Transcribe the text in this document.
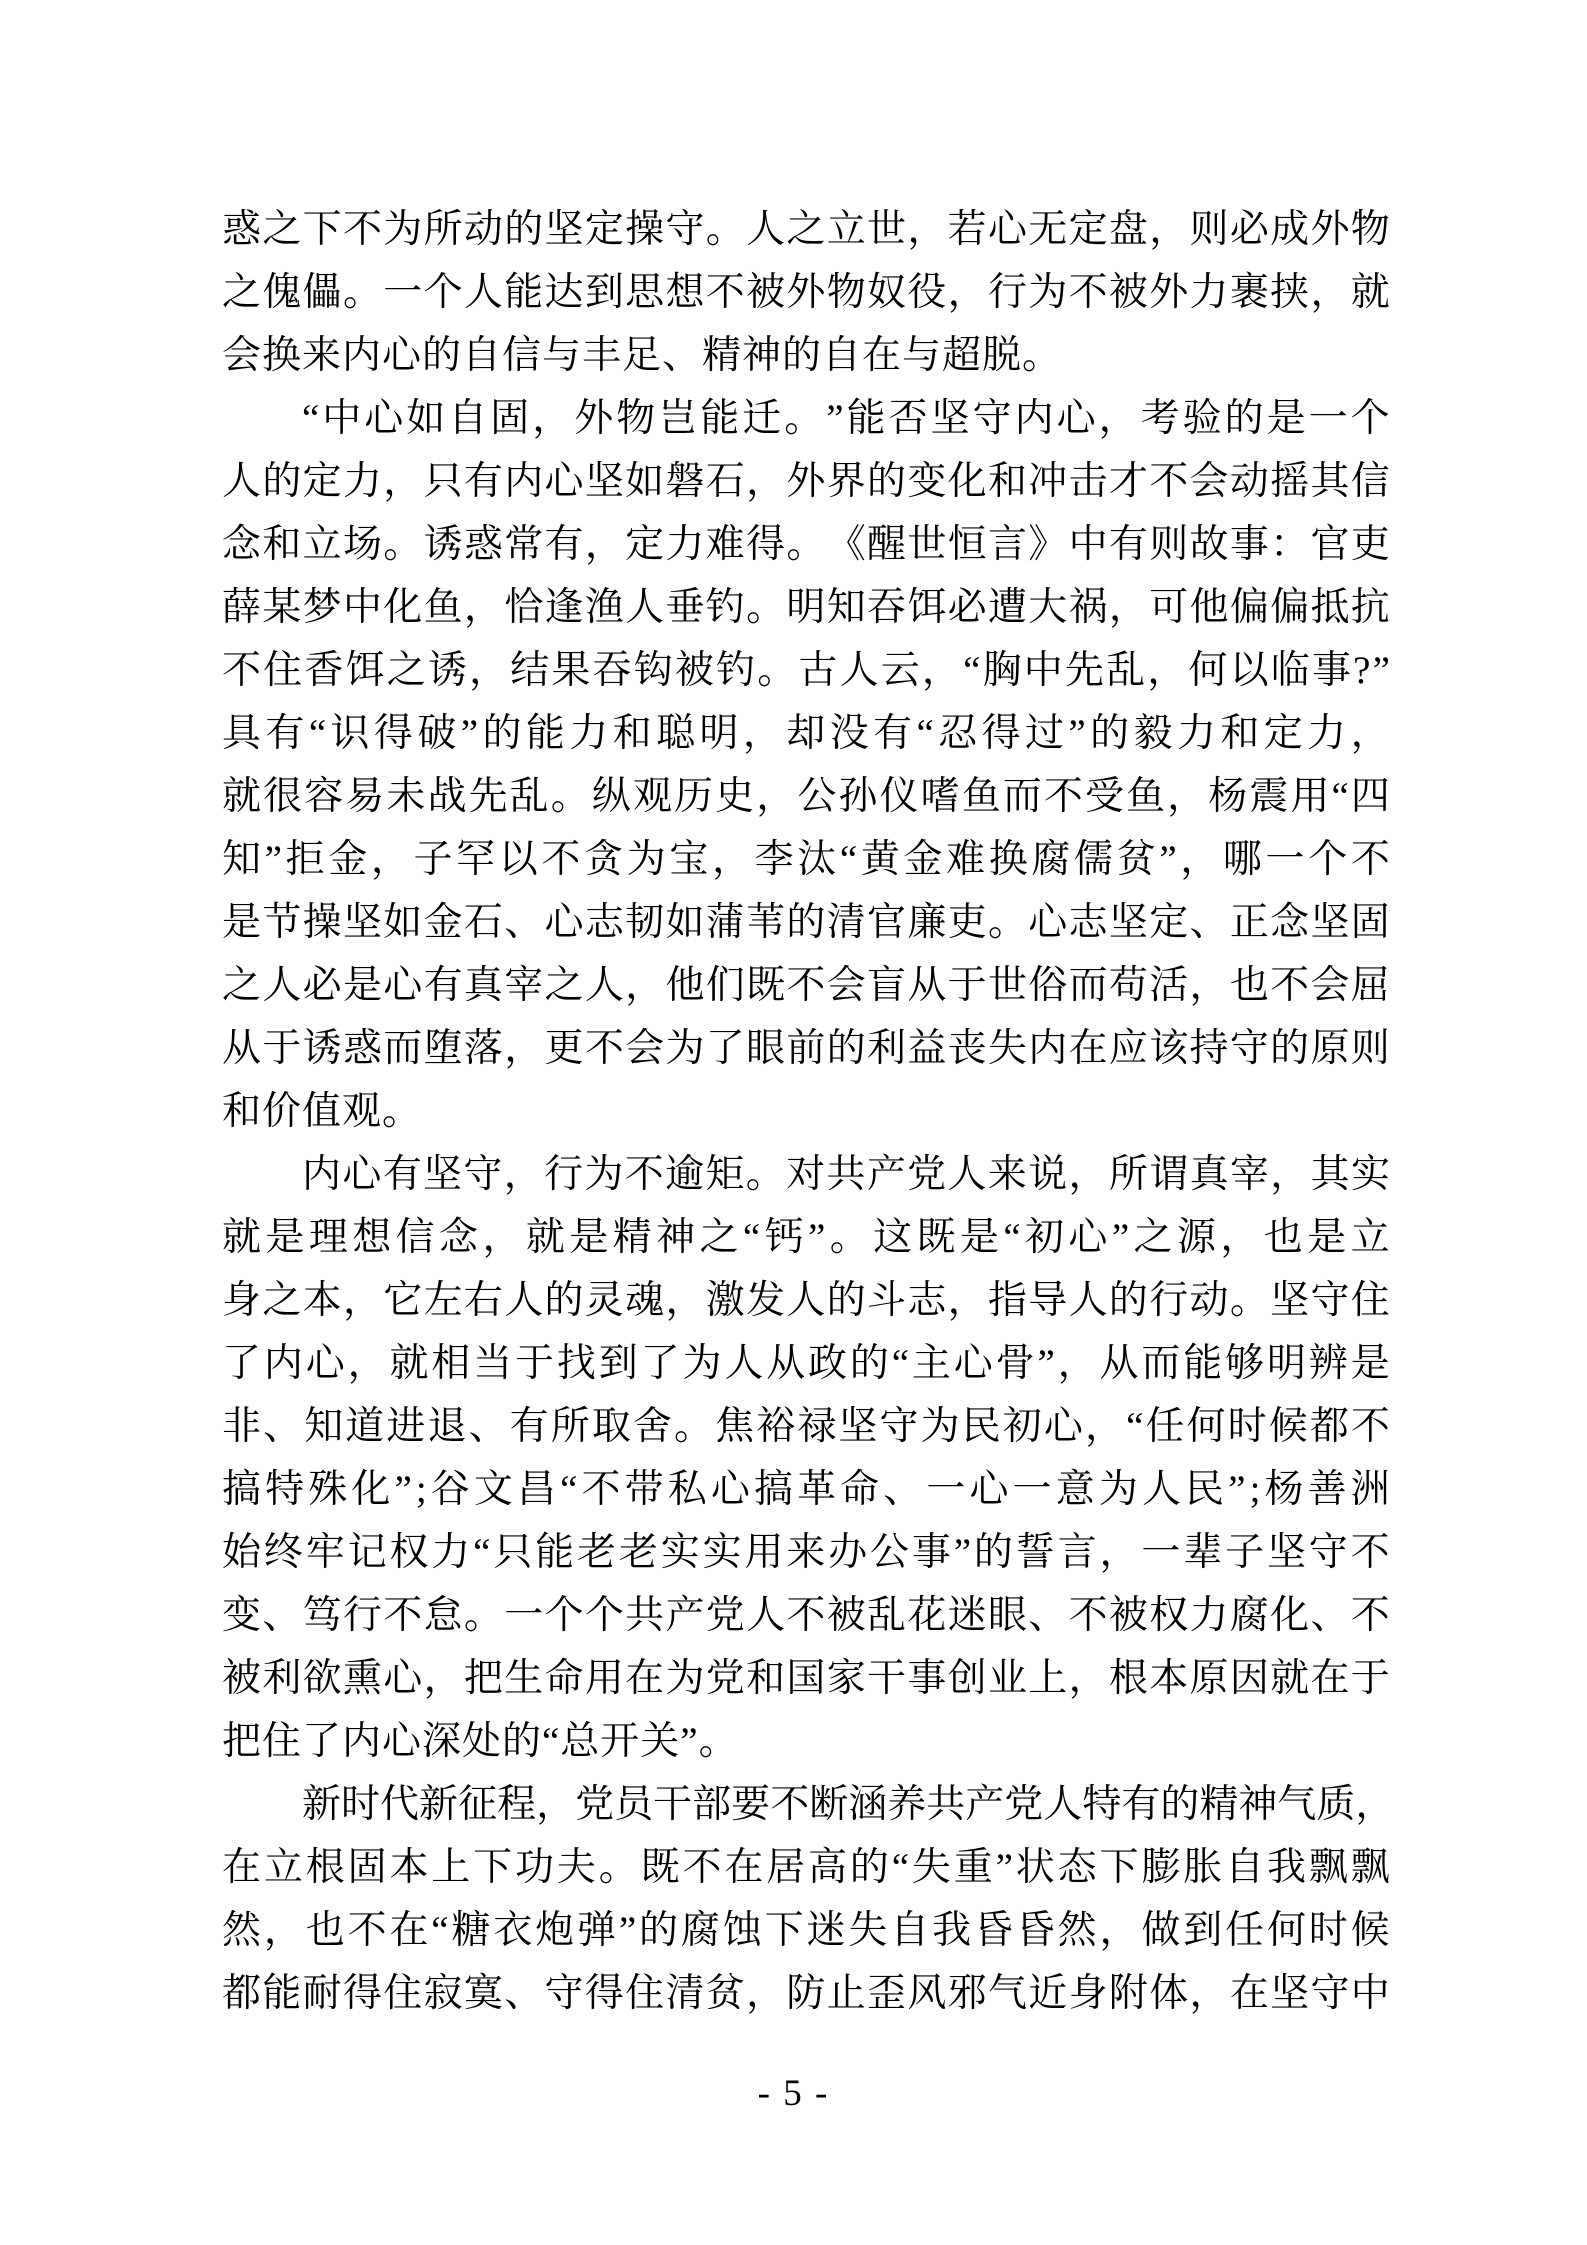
惑 之 下 不 为 所 动 的 坚 定 操 守 。 人 之 立 世 ， 若 心 无 定 盘 ， 则 必 成 外 物
之 傀 儡 。 一 个 人 能 达 到 思 想 不 被 外 物 奴 役 ， 行 为 不 被 外 力 裹 挟 ， 就
会换来内心的自信与丰足、精神的自在与超脱。
“ 中 心 如 自 固 ， 外 物 岂 能 迁 。 ” 能 否 坚 守 内 心 ， 考 验 的 是 一 个
人 的 定 力 ， 只 有 内 心 坚 如 磐 石 ， 外 界 的 变 化 和 冲 击 才 不 会 动 摇 其 信
念 和 立 场 。 诱 惑 常 有 ， 定 力 难 得 。 《 醒 世 恒 言 》 中 有 则 故 事 ： 官 吏
薛 某 梦 中 化 鱼 ， 恰 逢 渔 人 垂 钓 。 明 知 吞 饵 必 遭 大 祸 ， 可 他 偏 偏 抵 抗
不 住 香 饵 之 诱 ， 结 果 吞 钩 被 钓 。 古 人 云 ， “ 胸 中 先 乱 ， 何 以 临 事 ? ”
具 有 “ 识 得 破 ” 的 能 力 和 聪 明 ， 却 没 有 “ 忍 得 过 ” 的 毅 力 和 定 力 ，
就 很 容 易 未 战 先 乱 。 纵 观 历 史 ， 公 孙 仪 嗜 鱼 而 不 受 鱼 ， 杨 震 用 “ 四
知 ” 拒 金 ， 子 罕 以 不 贪 为 宝 ， 李 汰 “ 黄 金 难 换 腐 儒 贫 ” ， 哪 一 个 不
是 节 操 坚 如 金 石 、 心 志 韧 如 蒲 苇 的 清 官 廉 吏 。 心 志 坚 定 、 正 念 坚 固
之 人 必 是 心 有 真 宰 之 人 ， 他 们 既 不 会 盲 从 于 世 俗 而 苟 活 ， 也 不 会 屈
从 于 诱 惑 而 堕 落 ， 更 不 会 为 了 眼 前 的 利 益 丧 失 内 在 应 该 持 守 的 原 则
和价值观。
内 心 有 坚 守 ， 行 为 不 逾 矩 。 对 共 产 党 人 来 说 ， 所 谓 真 宰 ， 其 实
就 是 理 想 信 念 ， 就 是 精 神 之 “ 钙 ” 。 这 既 是 “ 初 心 ” 之 源 ， 也 是 立
身 之 本 ， 它 左 右 人 的 灵 魂 ， 激 发 人 的 斗 志 ， 指 导 人 的 行 动 。 坚 守 住
了 内 心 ， 就 相 当 于 找 到 了 为 人 从 政 的 “ 主 心 骨 ” ， 从 而 能 够 明 辨 是
非 、 知 道 进 退 、 有 所 取 舍 。 焦 裕 禄 坚 守 为 民 初 心 ， “ 任 何 时 候 都 不
搞 特 殊 化 ” ; 谷 文 昌 “ 不 带 私 心 搞 革 命 、 一 心 一 意 为 人 民 ” ; 杨 善 洲
始 终 牢 记 权 力 “ 只 能 老 老 实 实 用 来 办 公 事 ” 的 誓 言 ， 一 辈 子 坚 守 不
变 、 笃 行 不 怠 。 一 个 个 共 产 党 人 不 被 乱 花 迷 眼 、 不 被 权 力 腐 化 、 不
被 利 欲 熏 心 ， 把 生 命 用 在 为 党 和 国 家 干 事 创 业 上 ， 根 本 原 因 就 在 于
把住了内心深处的“总开关”。
新 时 代 新 征 程 ， 党 员 干 部 要 不 断 涵 养 共 产 党 人 特 有 的 精 神 气 质 ，
在 立 根 固 本 上 下 功 夫 。 既 不 在 居 高 的 “ 失 重 ” 状 态 下 膨 胀 自 我 飘 飘
然 ， 也 不 在 “ 糖 衣 炮 弹 ” 的 腐 蚀 下 迷 失 自 我 昏 昏 然 ， 做 到 任 何 时 候
都 能 耐 得 住 寂 寞 、 守 得 住 清 贫 ， 防 止 歪 风 邪 气 近 身 附 体 ， 在 坚 守 中
- 5 -
